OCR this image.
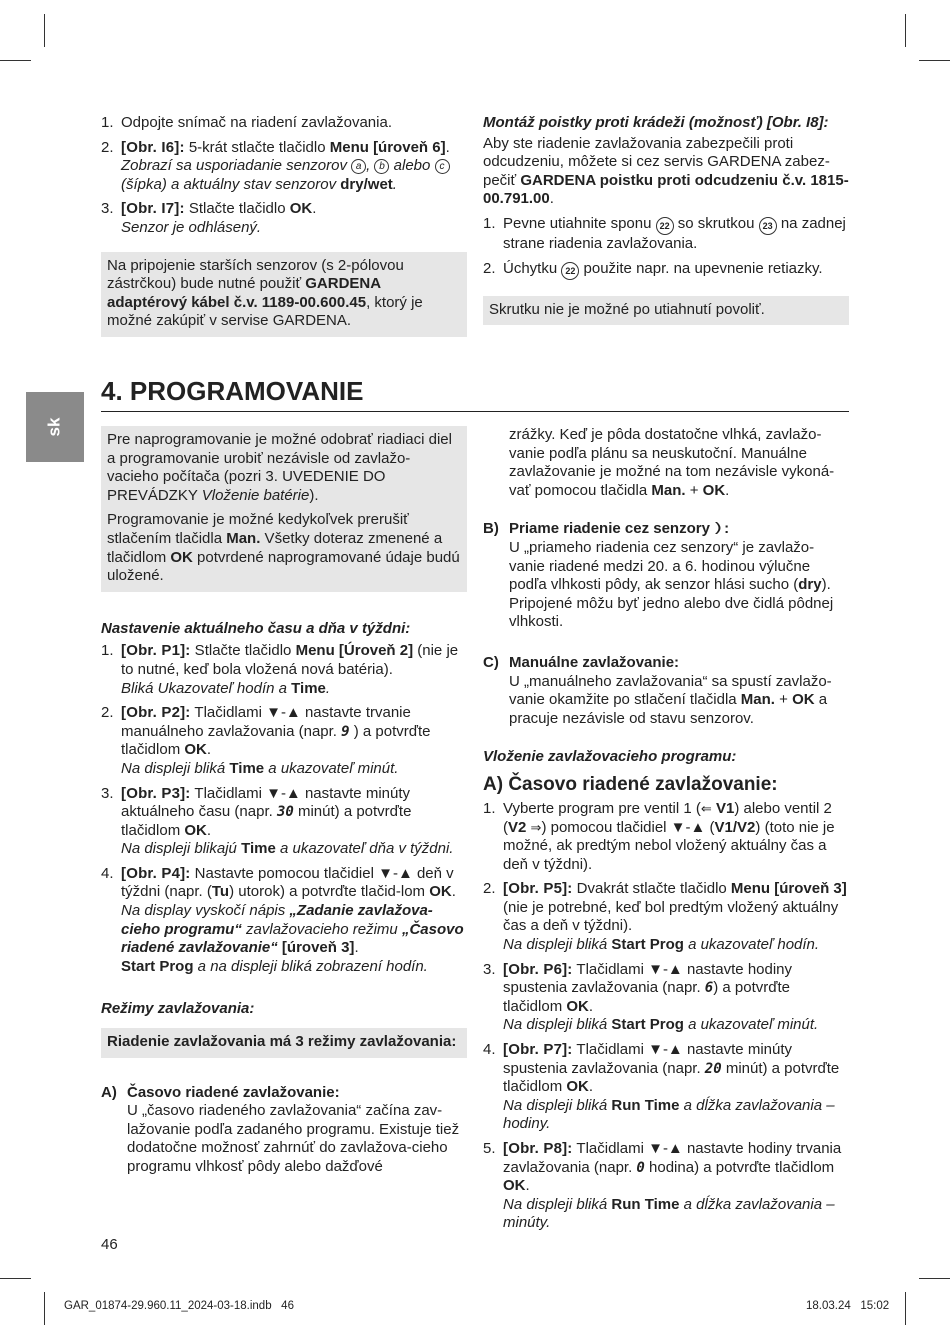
sk
1. Odpojte snímač na riadení zavlažovania.
2. [Obr. I6]: 5-krát stlačte tlačidlo Menu [úroveň 6].
Zobrazí sa usporiadanie senzorov a , b alebo c (šípka) a aktuálny stav senzorov dry/wet.
3. [Obr. I7]: Stlačte tlačidlo OK.
Senzor je odhlásený.

Na pripojenie starších senzorov (s 2-pólovou zástrčkou) bude nutné použiť GARDENA adaptérový kábel č.v. 1189-00.600.45, ktorý je možné zakúpiť v servise GARDENA.

Montáž poistky proti krádeži (možnosť) [Obr. I8]:

Aby ste riadenie zavlažovania zabezpečili proti odcudzeniu, môžete si cez servis GARDENA zabez-pečiť GARDENA poistku proti odcudzeniu č.v. 1815-00.791.00.

1. Pevne utiahnite sponu 22 so skrutkou 23 na zadnej strane riadenia zavlažovania.
2. Úchytku 22 použite napr. na upevnenie retiazky.

Skrutku nie je možné po utiahnutí povoliť.

4. PROGRAMOVANIE

Pre naprogramovanie je možné odobrať riadiaci diel a programovanie urobiť nezávisle od zavlažo-vacieho počítača (pozri 3. UVEDENIE DO PREVÁDZKY Vloženie batérie).

Programovanie je možné kedykoľvek prerušiť stlačením tlačidla Man. Všetky doteraz zmenené a tlačidlom OK potvrdené naprogramované údaje budú uložené.

Nastavenie aktuálneho času a dňa v týždni:

1. [Obr. P1]: Stlačte tlačidlo Menu [Úroveň 2] (nie je to nutné, keď bola vložená nová batéria).
Bliká Ukazovateľ hodín a Time.
2. [Obr. P2]: Tlačidlami ▼-▲ nastavte trvanie manuálneho zavlažovania (napr. 9 ) a potvrďte tlačidlom OK.
Na displeji bliká Time a ukazovateľ minút.
3. [Obr. P3]: Tlačidlami ▼-▲ nastavte minúty aktuálneho času (napr. 30 minút) a potvrďte tlačidlom OK.
Na displeji blikajú Time a ukazovateľ dňa v týždni.
4. [Obr. P4]: Nastavte pomocou tlačidiel ▼-▲ deň v týždni (napr. (Tu) utorok) a potvrďte tlačid-lom OK.
Na display vyskočí nápis „Zadanie zavlažova-cieho programu“ zavlažovacieho režimu „Časovo riadené zavlažovanie“ [úroveň 3].
Start Prog a na displeji bliká zobrazení hodín.

Režimy zavlažovania:

Riadenie zavlažovania má 3 režimy zavlažovania:

A) Časovo riadené zavlažovanie:
U „časovo riadeného zavlažovania“ začína zav-lažovanie podľa zadaného programu. Existuje tiež dodatočne možnosť zahrnúť do zavlažova-cieho programu vlhkosť pôdy alebo dažďové

zrážky. Keď je pôda dostatočne vlhká, zavlažo-vanie podľa plánu sa neuskutoční. Manuálne zavlažovanie je možné na tom nezávisle vykoná-vať pomocou tlačidla Man. + OK.

B) Priame riadenie cez senzory :
U „priameho riadenia cez senzory“ je zavlažo-vanie riadené medzi 20. a 6. hodinou výlučne podľa vlhkosti pôdy, ak senzor hlási sucho (dry). Pripojené môžu byť jedno alebo dve čidlá pôdnej vlhkosti.
C) Manuálne zavlažovanie:
U „manuálneho zavlažovania“ sa spustí zavlažo-vanie okamžite po stlačení tlačidla Man. + OK a pracuje nezávisle od stavu senzorov.

Vloženie zavlažovacieho programu:

A) Časovo riadené zavlažovanie:

1. Vyberte program pre ventil 1 (⇐ V1) alebo ventil 2 (V2 ⇒) pomocou tlačidiel ▼-▲ (V1/V2) (toto nie je možné, ak predtým nebol vložený aktuálny čas a deň v týždni).
2. [Obr. P5]: Dvakrát stlačte tlačidlo Menu [úroveň 3] (nie je potrebné, keď bol predtým vložený aktuálny čas a deň v týždni).
Na displeji bliká Start Prog a ukazovateľ hodín.
3. [Obr. P6]: Tlačidlami ▼-▲ nastavte hodiny spustenia zavlažovania (napr. 6) a potvrďte tlačidlom OK.
Na displeji bliká Start Prog a ukazovateľ minút.
4. [Obr. P7]: Tlačidlami ▼-▲ nastavte minúty spustenia zavlažovania (napr. 20 minút) a potvrďte tlačidlom OK.
Na displeji bliká Run Time a dĺžka zavlažovania – hodiny.
5. [Obr. P8]: Tlačidlami ▼-▲ nastavte hodiny trvania zavlažovania (napr. 0 hodina) a potvrďte tlačidlom OK.
Na displeji bliká Run Time a dĺžka zavlažovania – minúty.
46
GAR_01874-29.960.11_2024-03-18.indb   46	18.03.24   15:02
